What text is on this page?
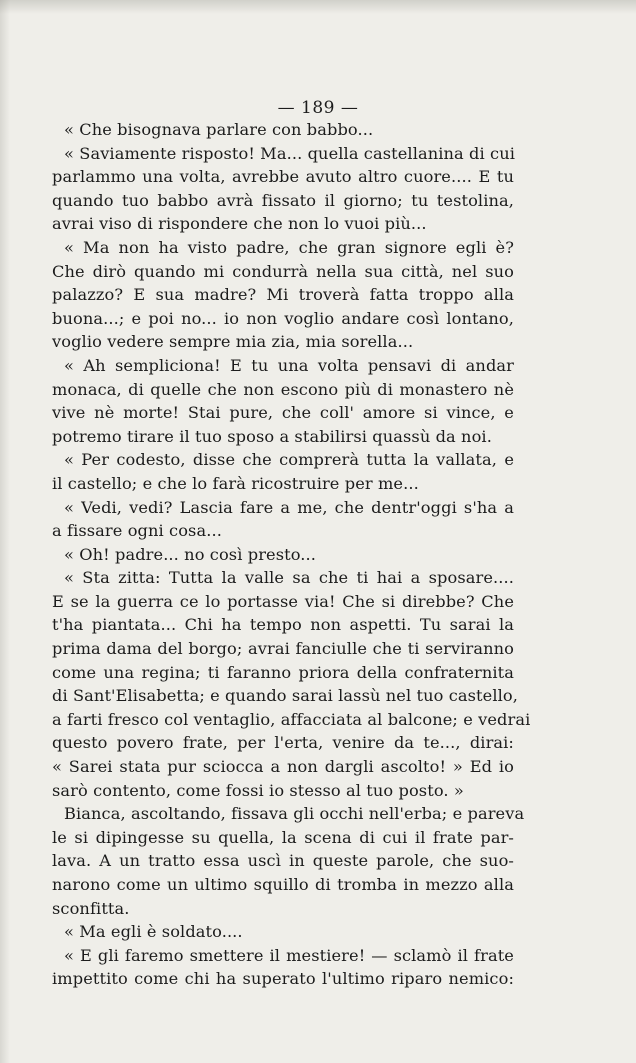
— 189 —
« Che bisognava parlare con babbo...
« Saviamente risposto! Ma... quella castellanina di cui
parlammo una volta, avrebbe avuto altro cuore.... E tu
quando tuo babbo avrà fissato il giorno; tu testolina,
avrai viso di rispondere che non lo vuoi più...
« Ma non ha visto padre, che gran signore egli è?
Che dirò quando mi condurrà nella sua città, nel suo
palazzo? E sua madre? Mi troverà fatta troppo alla
buona...; e poi no... io non voglio andare così lontano,
voglio vedere sempre mia zia, mia sorella...
« Ah sempliciona! E tu una volta pensavi di andar
monaca, di quelle che non escono più di monastero nè
vive nè morte! Stai pure, che coll' amore si vince, e
potremo tirare il tuo sposo a stabilirsi quassù da noi.
« Per codesto, disse che comprerà tutta la vallata, e
il castello; e che lo farà ricostruire per me...
« Vedi, vedi? Lascia fare a me, che dentr'oggi s'ha a
a fissare ogni cosa...
« Oh! padre... no così presto...
« Sta zitta: Tutta la valle sa che ti hai a sposare....
E se la guerra ce lo portasse via! Che si direbbe? Che
t'ha piantata... Chi ha tempo non aspetti. Tu sarai la
prima dama del borgo; avrai fanciulle che ti serviranno
come una regina; ti faranno priora della confraternita
di Sant'Elisabetta; e quando sarai lassù nel tuo castello,
a farti fresco col ventaglio, affacciata al balcone; e vedrai
questo povero frate, per l'erta, venire da te..., dirai:
« Sarei stata pur sciocca a non dargli ascolto! » Ed io
sarò contento, come fossi io stesso al tuo posto. »
Bianca, ascoltando, fissava gli occhi nell'erba; e pareva
le si dipingesse su quella, la scena di cui il frate par-
lava. A un tratto essa uscì in queste parole, che suo-
narono come un ultimo squillo di tromba in mezzo alla
sconfitta.
« Ma egli è soldato....
« E gli faremo smettere il mestiere! — sclamò il frate
impettito come chi ha superato l'ultimo riparo nemico:
